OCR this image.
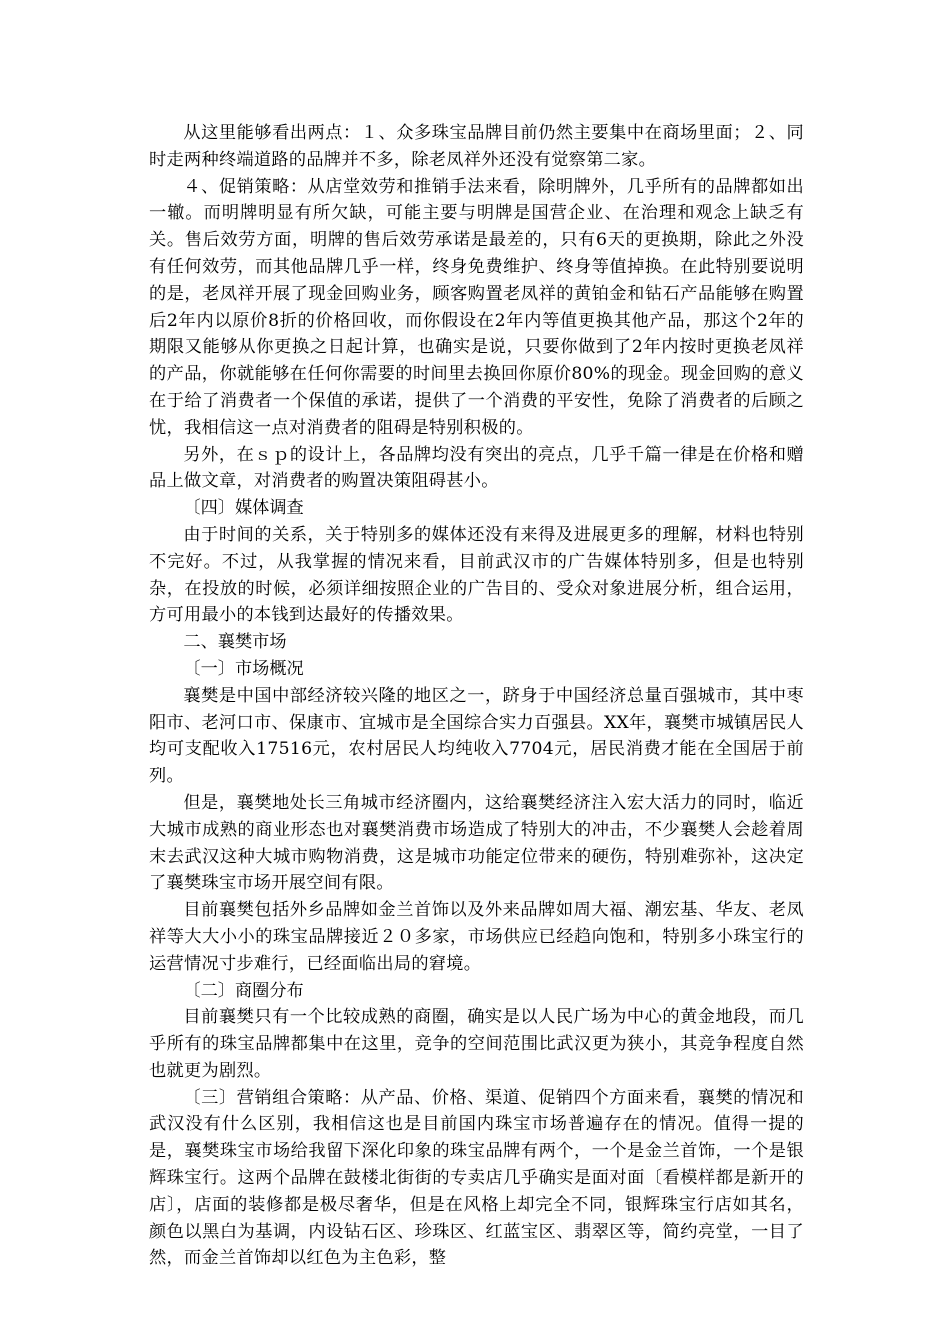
从这里能够看出两点：１、众多珠宝品牌目前仍然主要集中在商场里面；２、同时走两种终端道路的品牌并不多，除老凤祥外还没有觉察第二家。

４、促销策略：从店堂效劳和推销手法来看，除明牌外，几乎所有的品牌都如出一辙。而明牌明显有所欠缺，可能主要与明牌是国营企业、在治理和观念上缺乏有关。售后效劳方面，明牌的售后效劳承诺是最差的，只有6天的更换期，除此之外没有任何效劳，而其他品牌几乎一样，终身免费维护、终身等值掉换。在此特别要说明的是，老凤祥开展了现金回购业务，顾客购置老凤祥的黄铂金和钻石产品能够在购置后2年内以原价8折的价格回收，而你假设在2年内等值更换其他产品，那这个2年的期限又能够从你更换之日起计算，也确实是说，只要你做到了2年内按时更换老凤祥的产品，你就能够在任何你需要的时间里去换回你原价80%的现金。现金回购的意义在于给了消费者一个保值的承诺，提供了一个消费的平安性，免除了消费者的后顾之忧，我相信这一点对消费者的阻碍是特别积极的。

另外，在ｓｐ的设计上，各品牌均没有突出的亮点，几乎千篇一律是在价格和赠品上做文章，对消费者的购置决策阻碍甚小。

〔四〕媒体调查

由于时间的关系，关于特别多的媒体还没有来得及进展更多的理解，材料也特别不完好。不过，从我掌握的情况来看，目前武汉市的广告媒体特别多，但是也特别杂，在投放的时候，必须详细按照企业的广告目的、受众对象进展分析，组合运用，方可用最小的本钱到达最好的传播效果。

二、襄樊市场

〔一〕市场概况

襄樊是中国中部经济较兴隆的地区之一，跻身于中国经济总量百强城市，其中枣阳市、老河口市、保康市、宜城市是全国综合实力百强县。XX年，襄樊市城镇居民人均可支配收入17516元，农村居民人均纯收入7704元，居民消费才能在全国居于前列。

但是，襄樊地处长三角城市经济圈内，这给襄樊经济注入宏大活力的同时，临近大城市成熟的商业形态也对襄樊消费市场造成了特别大的冲击，不少襄樊人会趁着周末去武汉这种大城市购物消费，这是城市功能定位带来的硬伤，特别难弥补，这决定了襄樊珠宝市场开展空间有限。

目前襄樊包括外乡品牌如金兰首饰以及外来品牌如周大福、潮宏基、华友、老凤祥等大大小小的珠宝品牌接近２０多家，市场供应已经趋向饱和，特别多小珠宝行的运营情况寸步难行，已经面临出局的窘境。

〔二〕商圈分布

目前襄樊只有一个比较成熟的商圈，确实是以人民广场为中心的黄金地段，而几乎所有的珠宝品牌都集中在这里，竞争的空间范围比武汉更为狭小，其竞争程度自然也就更为剧烈。

〔三〕营销组合策略：从产品、价格、渠道、促销四个方面来看，襄樊的情况和武汉没有什么区别，我相信这也是目前国内珠宝市场普遍存在的情况。值得一提的是，襄樊珠宝市场给我留下深化印象的珠宝品牌有两个，一个是金兰首饰，一个是银辉珠宝行。这两个品牌在鼓楼北街街的专卖店几乎确实是面对面〔看模样都是新开的店〕，店面的装修都是极尽奢华，但是在风格上却完全不同，银辉珠宝行店如其名，颜色以黑白为基调，内设钻石区、珍珠区、红蓝宝区、翡翠区等，简约亮堂，一目了然，而金兰首饰却以红色为主色彩，整
